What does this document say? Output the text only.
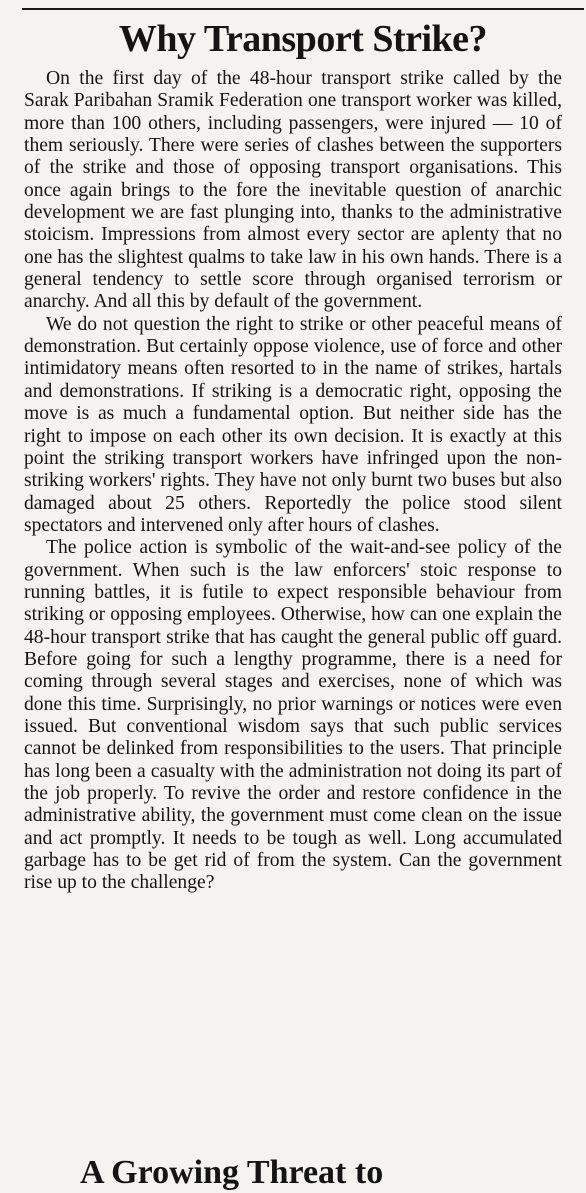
Why Transport Strike?

On the first day of the 48-hour transport strike called by the Sarak Paribahan Sramik Federation one transport worker was killed, more than 100 others, including passengers, were injured — 10 of them seriously. There were series of clashes between the supporters of the strike and those of opposing transport organisations. This once again brings to the fore the inevitable question of anarchic development we are fast plunging into, thanks to the administrative stoicism. Impressions from almost every sector are aplenty that no one has the slightest qualms to take law in his own hands. There is a general tendency to settle score through organised terrorism or anarchy. And all this by default of the government.

We do not question the right to strike or other peaceful means of demonstration. But certainly oppose violence, use of force and other intimidatory means often resorted to in the name of strikes, hartals and demonstrations. If striking is a democratic right, opposing the move is as much a fundamental option. But neither side has the right to impose on each other its own decision. It is exactly at this point the striking transport workers have infringed upon the non-striking workers' rights. They have not only burnt two buses but also damaged about 25 others. Reportedly the police stood silent spectators and intervened only after hours of clashes.

The police action is symbolic of the wait-and-see policy of the government. When such is the law enforcers' stoic response to running battles, it is futile to expect responsible behaviour from striking or opposing employees. Otherwise, how can one explain the 48-hour transport strike that has caught the general public off guard. Before going for such a lengthy programme, there is a need for coming through several stages and exercises, none of which was done this time. Surprisingly, no prior warnings or notices were even issued. But conventional wisdom says that such public services cannot be delinked from responsibilities to the users. That principle has long been a casualty with the administration not doing its part of the job properly. To revive the order and restore confidence in the administrative ability, the government must come clean on the issue and act promptly. It needs to be tough as well. Long accumulated garbage has to be get rid of from the system. Can the government rise up to the challenge?

A Growing Threat to
